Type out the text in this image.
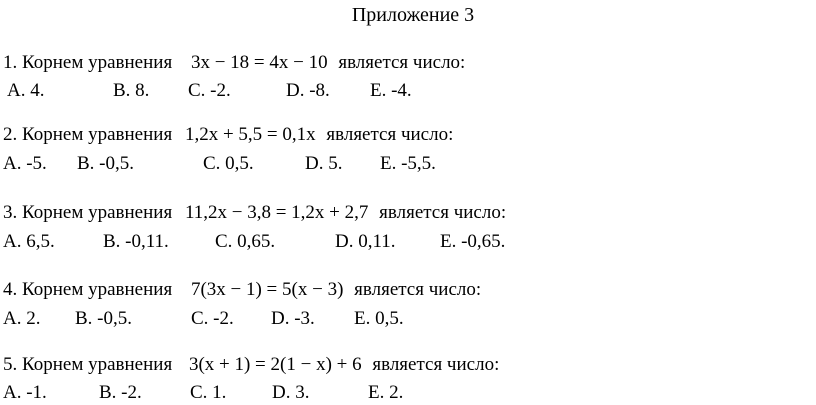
Приложение 3
1. Корнем уравнения 3x − 18 = 4x − 10 является число:
A. 4.	B. 8. C. -2.	D. -8. E. -4.
2. Корнем уравнения 1,2x + 5,5 = 0,1x является число:
A. -5. B. -0,5.	C. 0,5.	D. 5. E. -5,5.
3. Корнем уравнения 11,2x − 3,8 = 1,2x + 2,7 является число:
A. 6,5.	B. -0,11. C. 0,65.	D. 0,11. E. -0,65.
4. Корнем уравнения 7(3x − 1) = 5(x − 3) является число:
A. 2. B. -0,5.	C. -2. D. -3. E. 0,5.
5. Корнем уравнения 3(x + 1) = 2(1 − x) + 6 является число:
A. -1.	B. -2.	C. 1. D. 3.	E. 2.
